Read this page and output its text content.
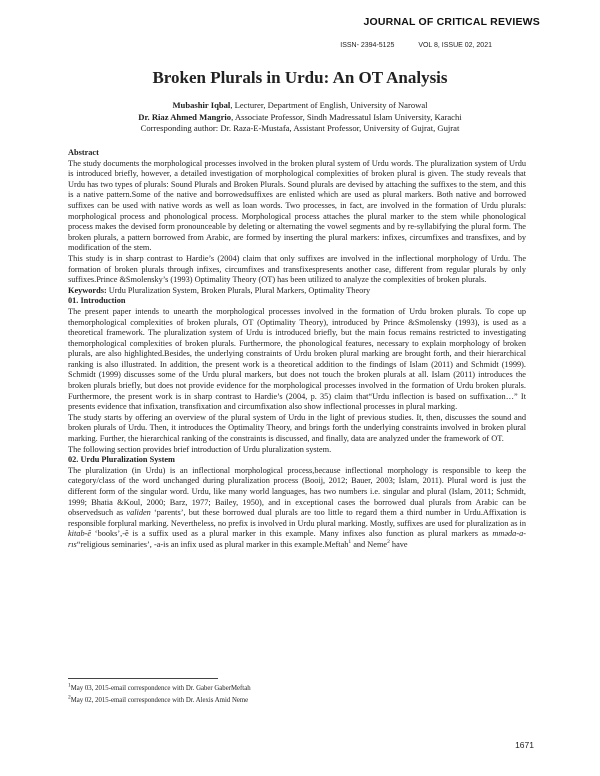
JOURNAL OF CRITICAL REVIEWS
ISSN- 2394-5125	VOL 8, ISSUE 02, 2021
Broken Plurals in Urdu: An OT Analysis
Mubashir Iqbal, Lecturer, Department of English, University of Narowal
Dr. Riaz Ahmed Mangrio, Associate Professor, Sindh Madressatul Islam University, Karachi
Corresponding author: Dr. Raza-E-Mustafa, Assistant Professor, University of Gujrat, Gujrat

Abstract

The study documents the morphological processes involved in the broken plural system of Urdu words. The pluralization system of Urdu is introduced briefly, however, a detailed investigation of morphological complexities of broken plural is given. The study reveals that Urdu has two types of plurals: Sound Plurals and Broken Plurals. Sound plurals are devised by attaching the suffixes to the stem, and this is a native pattern.Some of the native and borrowedsuffixes are enlisted which are used as plural markers. Both native and borrowed suffixes can be used with native words as well as loan words. Two processes, in fact, are involved in the formation of Urdu plurals: morphological process and phonological process. Morphological process attaches the plural marker to the stem while phonological process makes the devised form pronounceable by deleting or alternating the vowel segments and by re-syllabifying the plural form. The broken plurals, a pattern borrowed from Arabic, are formed by inserting the plural markers: infixes, circumfixes and transfixes, and by modification of the stem.

This study is in sharp contrast to Hardie’s (2004) claim that only suffixes are involved in the inflectional morphology of Urdu. The formation of broken plurals through infixes, circumfixes and transfixespresents another case, different from regular plurals by only suffixes.Prince &Smolensky’s (1993) Optimality Theory (OT) has been utilized to analyze the complexities of broken plurals.

Keywords: Urdu Pluralization System, Broken Plurals, Plural Markers, Optimality Theory

01. Introduction

The present paper intends to unearth the morphological processes involved in the formation of Urdu broken plurals. To cope up themorphological complexities of broken plurals, OT (Optimality Theory), introduced by Prince &Smolensky (1993), is used as a theoretical framework. The pluralization system of Urdu is introduced briefly, but the main focus remains restricted to investigating themorphological complexities of broken plurals. Furthermore, the phonological features, necessary to explain morphology of broken plurals, are also highlighted.Besides, the underlying constraints of Urdu broken plural marking are brought forth, and their hierarchical ranking is also illustrated. In addition, the present work is a theoretical addition to the findings of Islam (2011) and Schmidt (1999). Schmidt (1999) discusses some of the Urdu plural markers, but does not touch the broken plurals at all. Islam (2011) introduces the broken plurals briefly, but does not provide evidence for the morphological processes involved in the formation of Urdu broken plurals. Furthermore, the present work is in sharp contrast to Hardie’s (2004, p. 35) claim that“Urdu inflection is based on suffixation…” It presents evidence that infixation, transfixation and circumfixation also show inflectional processes in plural marking.

The study starts by offering an overview of the plural system of Urdu in the light of previous studies. It, then, discusses the sound and broken plurals of Urdu. Then, it introduces the Optimality Theory, and brings forth the underlying constraints involved in broken plural marking. Further, the hierarchical ranking of the constraints is discussed, and finally, data are analyzed under the framework of OT.

The following section provides brief introduction of Urdu pluralization system.

02. Urdu Pluralization System

The pluralization (in Urdu) is an inflectional morphological process,because inflectional morphology is responsible to keep the category/class of the word unchanged during pluralization process (Booij, 2012; Bauer, 2003; Islam, 2011). Plural word is just the different form of the singular word. Urdu, like many world languages, has two numbers i.e. singular and plural (Islam, 2011; Schmidt, 1999; Bhatia &Koul, 2000; Barz, 1977; Bailey, 1950), and in exceptional cases the borrowed dual plurals from Arabic can be observedsuch as validen ‘parents’, but these borrowed dual plurals are too little to regard them a third number in Urdu.Affixation is responsible forplural marking. Nevertheless, no prefix is involved in Urdu plural marking. Mostly, suffixes are used for pluralization as in kitab-ẽ ‘books’,-ẽ is a suffix used as a plural marker in this example. Many infixes also function as plural markers as mmədɑ-a-rıs“religious seminaries’, -a-is an infix used as plural marker in this example.Meftah$^1$ and Neme$^2$ have

$^1$May 03, 2015-email correspondence with Dr. Gaber GaberMeftah

$^2$May 02, 2015-email correspondence with Dr. Alexis Amid Neme

1671
